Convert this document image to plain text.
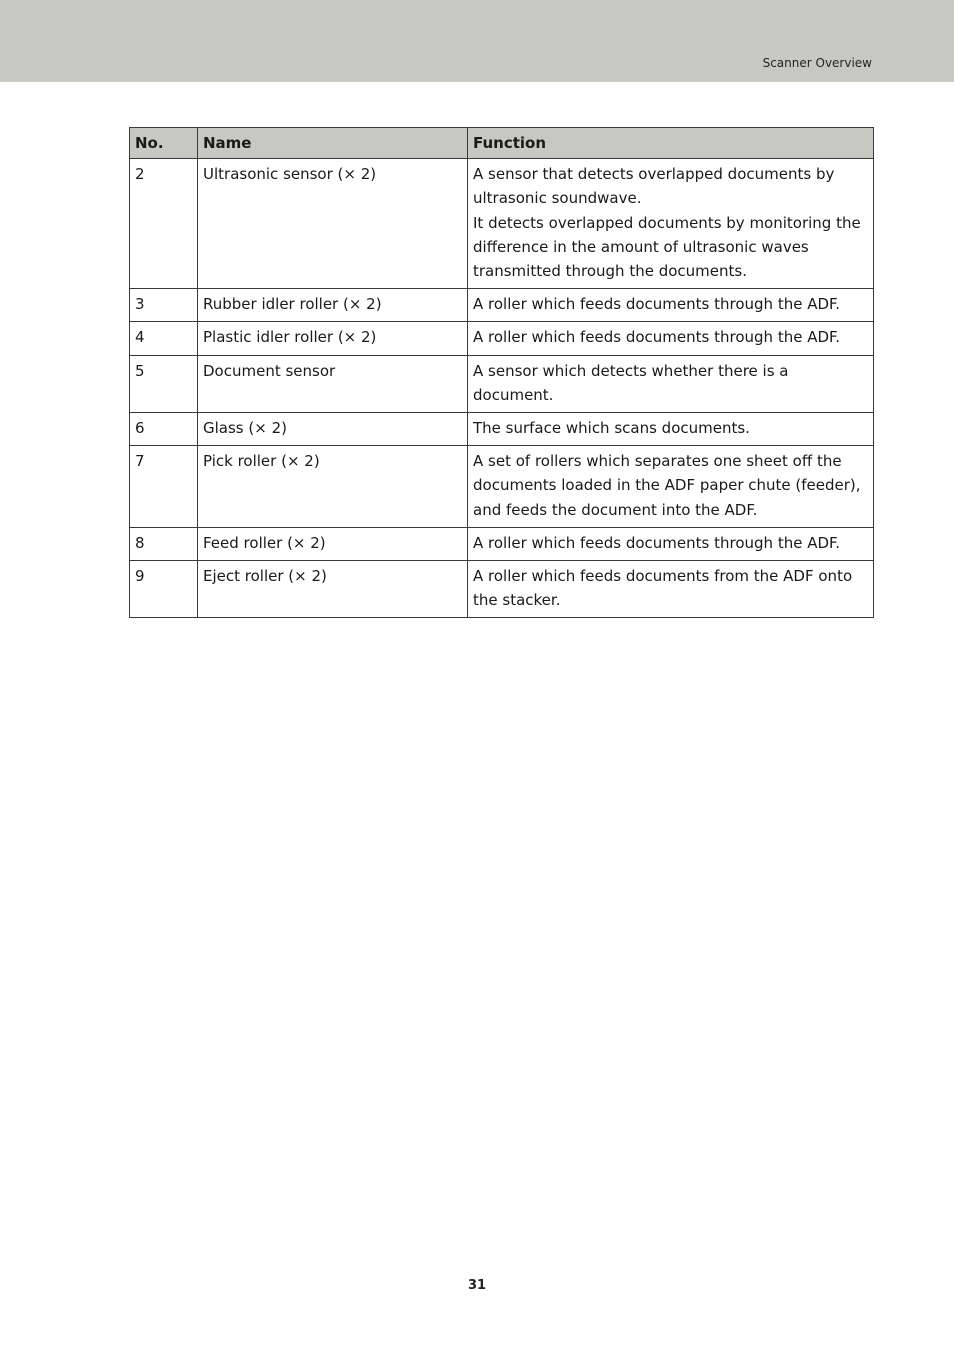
Scanner Overview
No.	Name	Function
2	Ultrasonic sensor (× 2)	A sensor that detects overlapped documents by ultrasonic soundwave.
It detects overlapped documents by monitoring the difference in the amount of ultrasonic waves transmitted through the documents.

3	Rubber idler roller (× 2)	A roller which feeds documents through the ADF.

4	Plastic idler roller (× 2)	A roller which feeds documents through the ADF.

5	Document sensor	A sensor which detects whether there is a document.

6	Glass (× 2)	The surface which scans documents.

7	Pick roller (× 2)	A set of rollers which separates one sheet off the documents loaded in the ADF paper chute (feeder), and feeds the document into the ADF.

8	Feed roller (× 2)	A roller which feeds documents through the ADF.

9	Eject roller (× 2)	A roller which feeds documents from the ADF onto the stacker.
31
